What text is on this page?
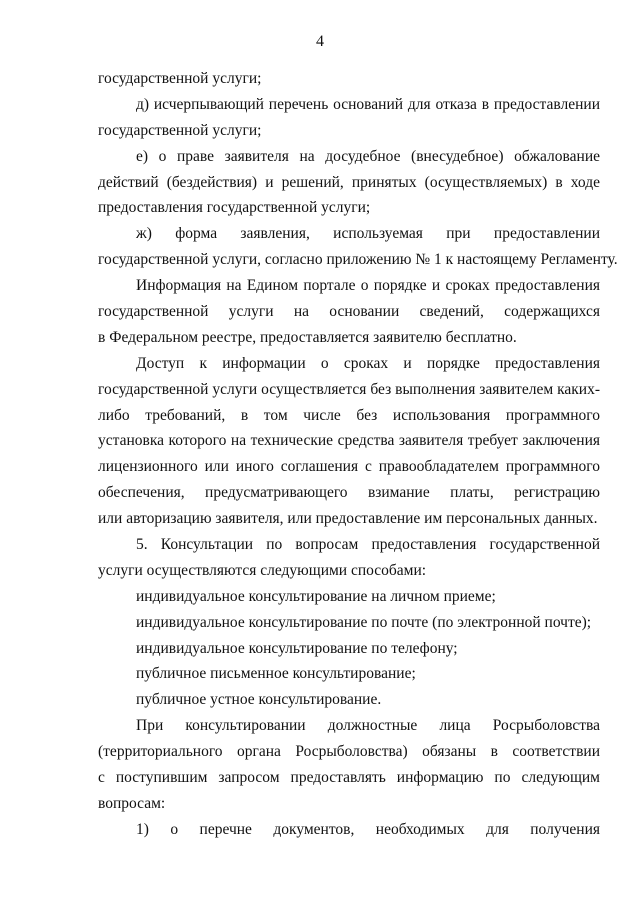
4
государственной услуги;
д) исчерпывающий перечень оснований для отказа в предоставлении
государственной услуги;
е) о праве заявителя на досудебное (внесудебное) обжалование
действий (бездействия) и решений, принятых (осуществляемых) в ходе
предоставления государственной услуги;
ж) форма заявления, используемая при предоставлении
государственной услуги, согласно приложению № 1 к настоящему Регламенту.
Информация на Едином портале о порядке и сроках предоставления
государственной услуги на основании сведений, содержащихся
в Федеральном реестре, предоставляется заявителю бесплатно.
Доступ к информации о сроках и порядке предоставления
государственной услуги осуществляется без выполнения заявителем каких-
либо требований, в том числе без использования программного
установка которого на технические средства заявителя требует заключения
лицензионного или иного соглашения с правообладателем программного
обеспечения, предусматривающего взимание платы, регистрацию
или авторизацию заявителя, или предоставление им персональных данных.
5. Консультации по вопросам предоставления государственной
услуги осуществляются следующими способами:
индивидуальное консультирование на личном приеме;
индивидуальное консультирование по почте (по электронной почте);
индивидуальное консультирование по телефону;
публичное письменное консультирование;
публичное устное консультирование.
При консультировании должностные лица Росрыболовства
(территориального органа Росрыболовства) обязаны в соответствии
с поступившим запросом предоставлять информацию по следующим
вопросам:
1) о перечне документов, необходимых для получения
